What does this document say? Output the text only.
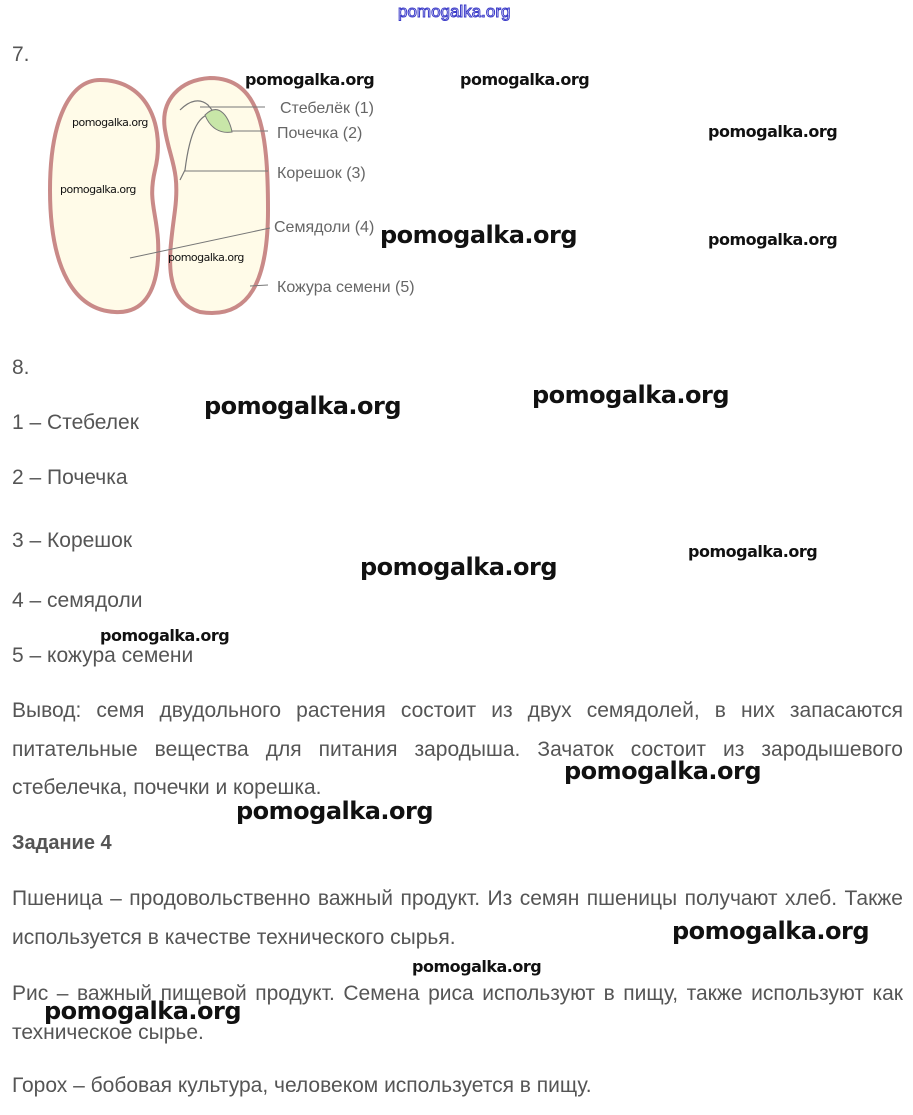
pomogalka.org
7.
Стебелёк (1)
Почечка (2)
Корешок (3)
Семядоли (4)
Кожура семени (5)
8.
1 – Стебелек
2 – Почечка
3 – Корешок
4 – семядоли
5 – кожура семени
Вывод: семя двудольного растения состоит из двух семядолей, в них запасаются питательные вещества для питания зародыша. Зачаток состоит из зародышевого стебелечка, почечки и корешка.
Задание 4
Пшеница – продовольственно важный продукт. Из семян пшеницы получают хлеб. Также используется в качестве технического сырья.
Рис – важный пищевой продукт. Семена риса используют в пищу, также используют как техническое сырье.
Горох – бобовая культура, человеком используется в пищу.
pomogalka.org	pomogalka.org
pomogalka.org
pomogalka.org
pomogalka.org
pomogalka.org
pomogalka.org	pomogalka.org
pomogalka.org	pomogalka.org
pomogalka.org
pomogalka.org
pomogalka.org
pomogalka.org
pomogalka.org
pomogalka.org
pomogalka.org
pomogalka.org
